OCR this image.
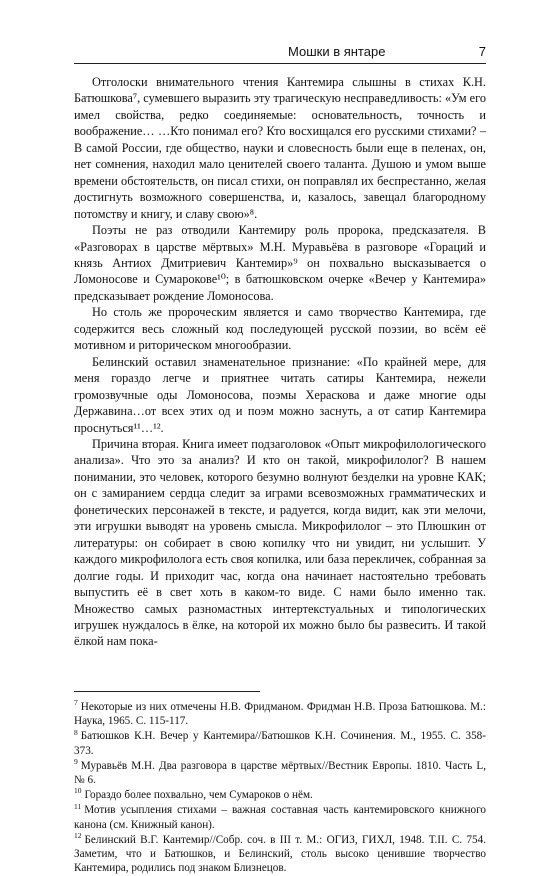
Мошки в янтаре	7

Отголоски внимательного чтения Кантемира слышны в стихах К.Н. Батюшкова⁷, сумевшего выразить эту трагическую несправедливость: «Ум его имел свойства, редко соединяемые: основательность, точность и воображение… …Кто понимал его? Кто восхищался его русскими стихами? – В самой России, где общество, науки и словесность были еще в пеленах, он, нет сомнения, находил мало ценителей своего таланта. Душою и умом выше времени обстоятельств, он писал стихи, он поправлял их беспрестанно, желая достигнуть возможного совершенства, и, казалось, завещал благородному потомству и книгу, и славу свою»⁸.

Поэты не раз отводили Кантемиру роль пророка, предсказателя. В «Разговорах в царстве мёртвых» М.Н. Муравьёва в разговоре «Гораций и князь Антиох Дмитриевич Кантемир»⁹ он похвально высказывается о Ломоносове и Сумарокове¹⁰; в батюшковском очерке «Вечер у Кантемира» предсказывает рождение Ломоносова.

Но столь же пророческим является и само творчество Кантемира, где содержится весь сложный код последующей русской поэзии, во всём её мотивном и риторическом многообразии.

Белинский оставил знаменательное признание: «По крайней мере, для меня гораздо легче и приятнее читать сатиры Кантемира, нежели громозвучные оды Ломоносова, поэмы Хераскова и даже многие оды Державина…от всех этих од и поэм можно заснуть, а от сатир Кантемира проснуться¹¹…¹².

Причина вторая. Книга имеет подзаголовок «Опыт микрофилологического анализа». Что это за анализ? И кто он такой, микрофилолог? В нашем понимании, это человек, которого безумно волнуют безделки на уровне КАК; он с замиранием сердца следит за играми всевозможных грамматических и фонетических персонажей в тексте, и радуется, когда видит, как эти мелочи, эти игрушки выводят на уровень смысла. Микрофилолог – это Плюшкин от литературы: он собирает в свою копилку что ни увидит, ни услышит. У каждого микрофилолога есть своя копилка, или база перекличек, собранная за долгие годы. И приходит час, когда она начинает настоятельно требовать выпустить её в свет хоть в каком-то виде. С нами было именно так. Множество самых разномастных интертекстуальных и типологических игрушек нуждалось в ёлке, на которой их можно было бы развесить. И такой ёлкой нам пока-

$^7$ Некоторые из них отмечены Н.В. Фридманом. Фридман Н.В. Проза Батюшкова. М.: Наука, 1965. С. 115-117.

$^8$ Батюшков К.Н. Вечер у Кантемира//Батюшков К.Н. Сочинения. М., 1955. С. 358-373.

$^9$ Муравьёв М.Н. Два разговора в царстве мёртвых//Вестник Европы. 1810. Часть L, № 6.

$^{10}$ Гораздо более похвально, чем Сумароков о нём.

$^{11}$ Мотив усыпления стихами – важная составная часть кантемировского книжного канона (см. Книжный канон).

$^{12}$ Белинский В.Г. Кантемир//Собр. соч. в III т. М.: ОГИЗ, ГИХЛ, 1948. Т.II. С. 754. Заметим, что и Батюшков, и Белинский, столь высоко ценившие творчество Кантемира, родились под знаком Близнецов.
